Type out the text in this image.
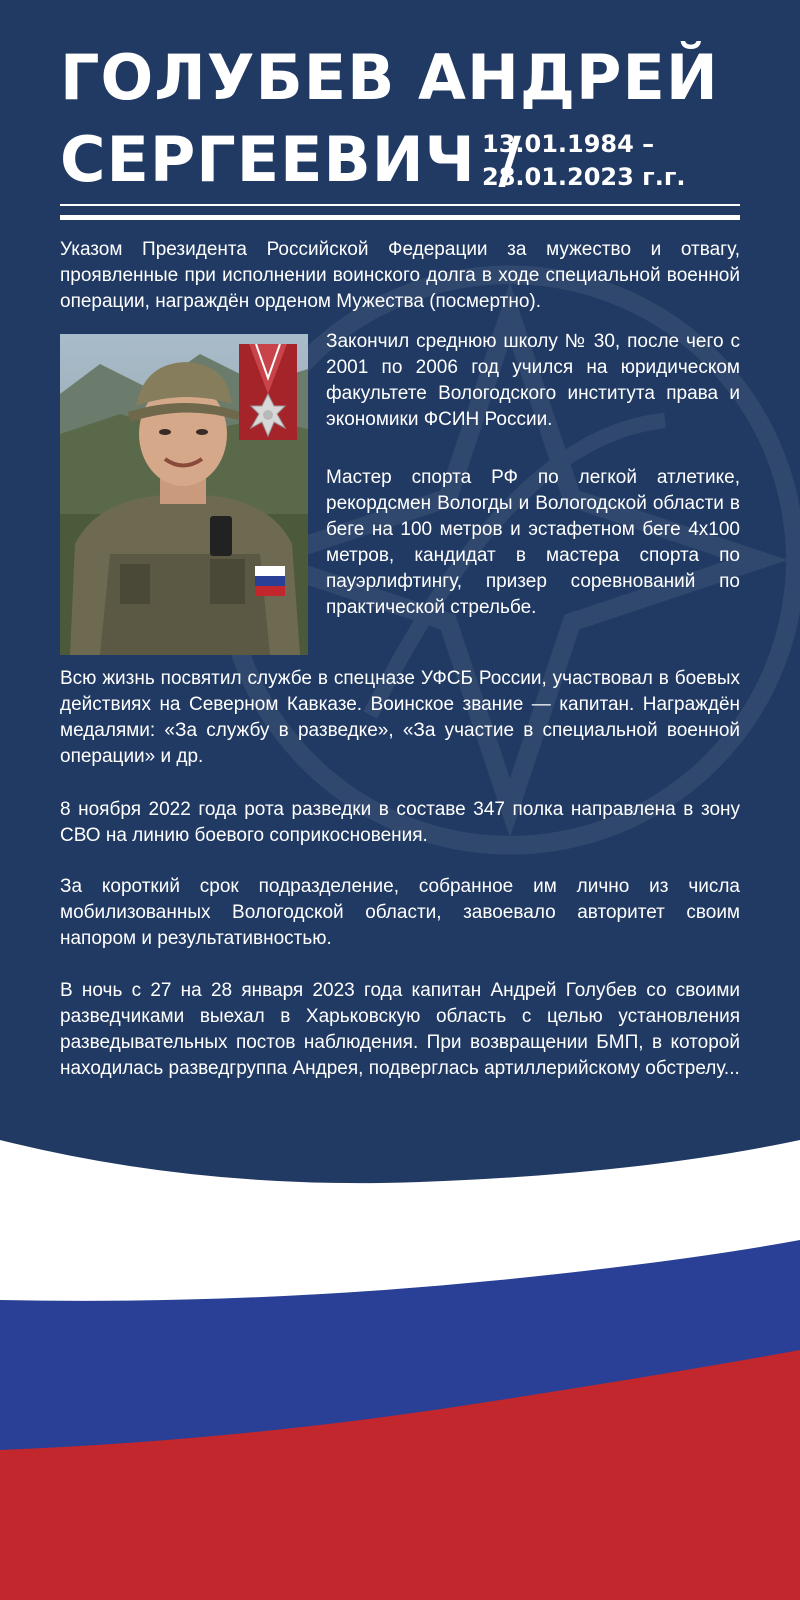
ГОЛУБЕВ АНДРЕЙ
СЕРГЕЕВИЧ /
13.01.1984 –
28.01.2023 г.г.

Указом Президента Российской Федерации за мужество и отвагу, проявленные при исполнении воинского долга в ходе специальной военной операции, награждён орденом Мужества (посмертно).

Закончил среднюю школу № 30, после чего с 2001 по 2006 год учился на юридическом факультете Вологодского института права и экономики ФСИН России.

Мастер спорта РФ по легкой атлетике, рекордсмен Вологды и Вологодской области в беге на 100 метров и эстафетном беге 4х100 метров, кандидат в мастера спорта по пауэрлифтингу, призер соревнований по практической стрельбе.

Всю жизнь посвятил службе в спецназе УФСБ России, участвовал в боевых действиях на Северном Кавказе. Воинское звание — капитан. Награждён медалями: «За службу в разведке», «За участие в специальной военной операции» и др.

8 ноября 2022 года рота разведки в составе 347 полка направлена в зону СВО на линию боевого соприкосновения.

За короткий срок подразделение, собранное им лично из числа мобилизованных Вологодской области, завоевало авторитет своим напором и результативностью.

В ночь с 27 на 28 января 2023 года капитан Андрей Голубев со своими разведчиками выехал в Харьковскую область с целью установления разведывательных постов наблюдения. При возвращении БМП, в которой находилась разведгруппа Андрея, подверглась артиллерийскому обстрелу...
